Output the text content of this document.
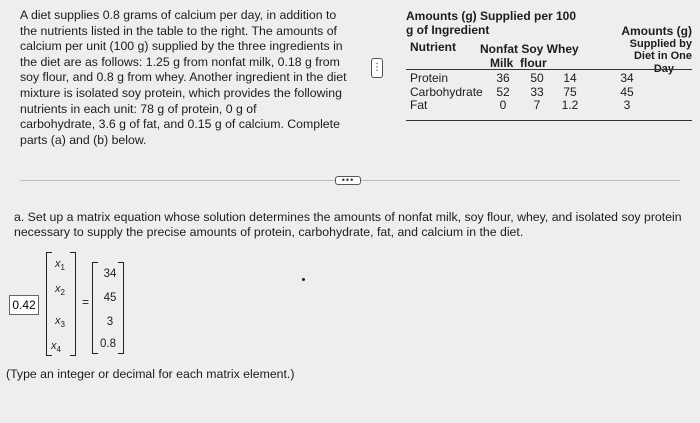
A diet supplies 0.8 grams of calcium per day, in addition to

the nutrients listed in the table to the right. The amounts of

calcium per unit (100 g) supplied by the three ingredients in

the diet are as follows: 1.25 g from nonfat milk, 0.18 g from

soy flour, and 0.8 g from whey. Another ingredient in the diet

mixture is isolated soy protein, which provides the following

nutrients in each unit: 78 g of protein, 0 g of

carbohydrate, 3.6 g of fat, and 0.15 g of calcium. Complete

parts (a) and (b) below.

⋮
Amounts (g) Supplied per 100
g of Ingredient	Amounts (g)
Supplied by
Diet in One
Day
Nutrient Nonfat Soy Whey
Milk  flour
Protein	36	50	14	34
Carbohydrate	52	33	75	45
Fat	0	7	1.2	3
•••
a. Set up a matrix equation whose solution determines the amounts of nonfat milk, soy flour, whey, and isolated soy protein necessary to supply the precise amounts of protein, carbohydrate, fat, and calcium in the diet.
0.42
$x_1$
$x_2$
$x_3$
$x_4$
=
34
45
3
0.8
(Type an integer or decimal for each matrix element.)
